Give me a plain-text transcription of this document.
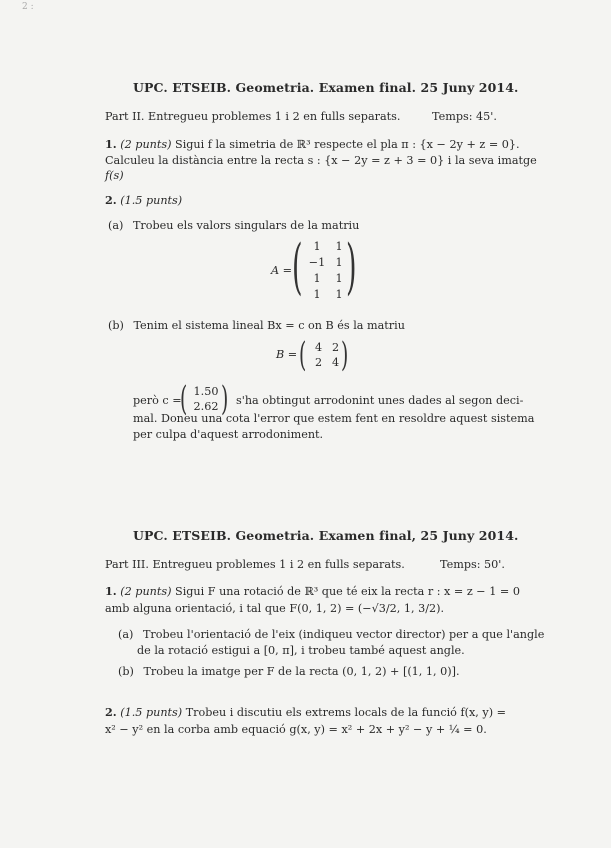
2 :
UPC. ETSEIB. Geometria. Examen final. 25 Juny 2014.
Part II. Entregueu problemes 1 i 2 en fulls separats.	Temps: 45'.
1. (2 punts) Sigui f la simetria de ℝ³ respecte el pla π : {x − 2y + z = 0}.
Calculeu la distància entre la recta s : {x − 2y = z + 3 = 0} i la seva imatge
f(s)
2. (1.5 punts)
(a) Trobeu els valors singulars de la matriu
A = ( 1	1
−1 1
1	1
1	1 )
(b) Tenim el sistema lineal Bx = c on B és la matriu
B = ( 4 2
2 4 )
però c =
( 1.50
2.62 ) s'ha obtingut arrodonint unes dades al segon deci-
mal. Doneu una cota l'error que estem fent en resoldre aquest sistema
per culpa d'aquest arrodoniment.
UPC. ETSEIB. Geometria. Examen final, 25 Juny 2014.
Part III. Entregueu problemes 1 i 2 en fulls separats.	Temps: 50'.
1. (2 punts) Sigui F una rotació de ℝ³ que té eix la recta r : x = z − 1 = 0
amb alguna orientació, i tal que F(0, 1, 2) = (−√3/2, 1, 3/2).
(a) Trobeu l'orientació de l'eix (indiqueu vector director) per a que l'angle
de la rotació estigui a [0, π], i trobeu també aquest angle.
(b) Trobeu la imatge per F de la recta (0, 1, 2) + [(1, 1, 0)].
2. (1.5 punts) Trobeu i discutiu els extrems locals de la funció f(x, y) =
x² − y² en la corba amb equació g(x, y) = x² + 2x + y² − y + ¼ = 0.
